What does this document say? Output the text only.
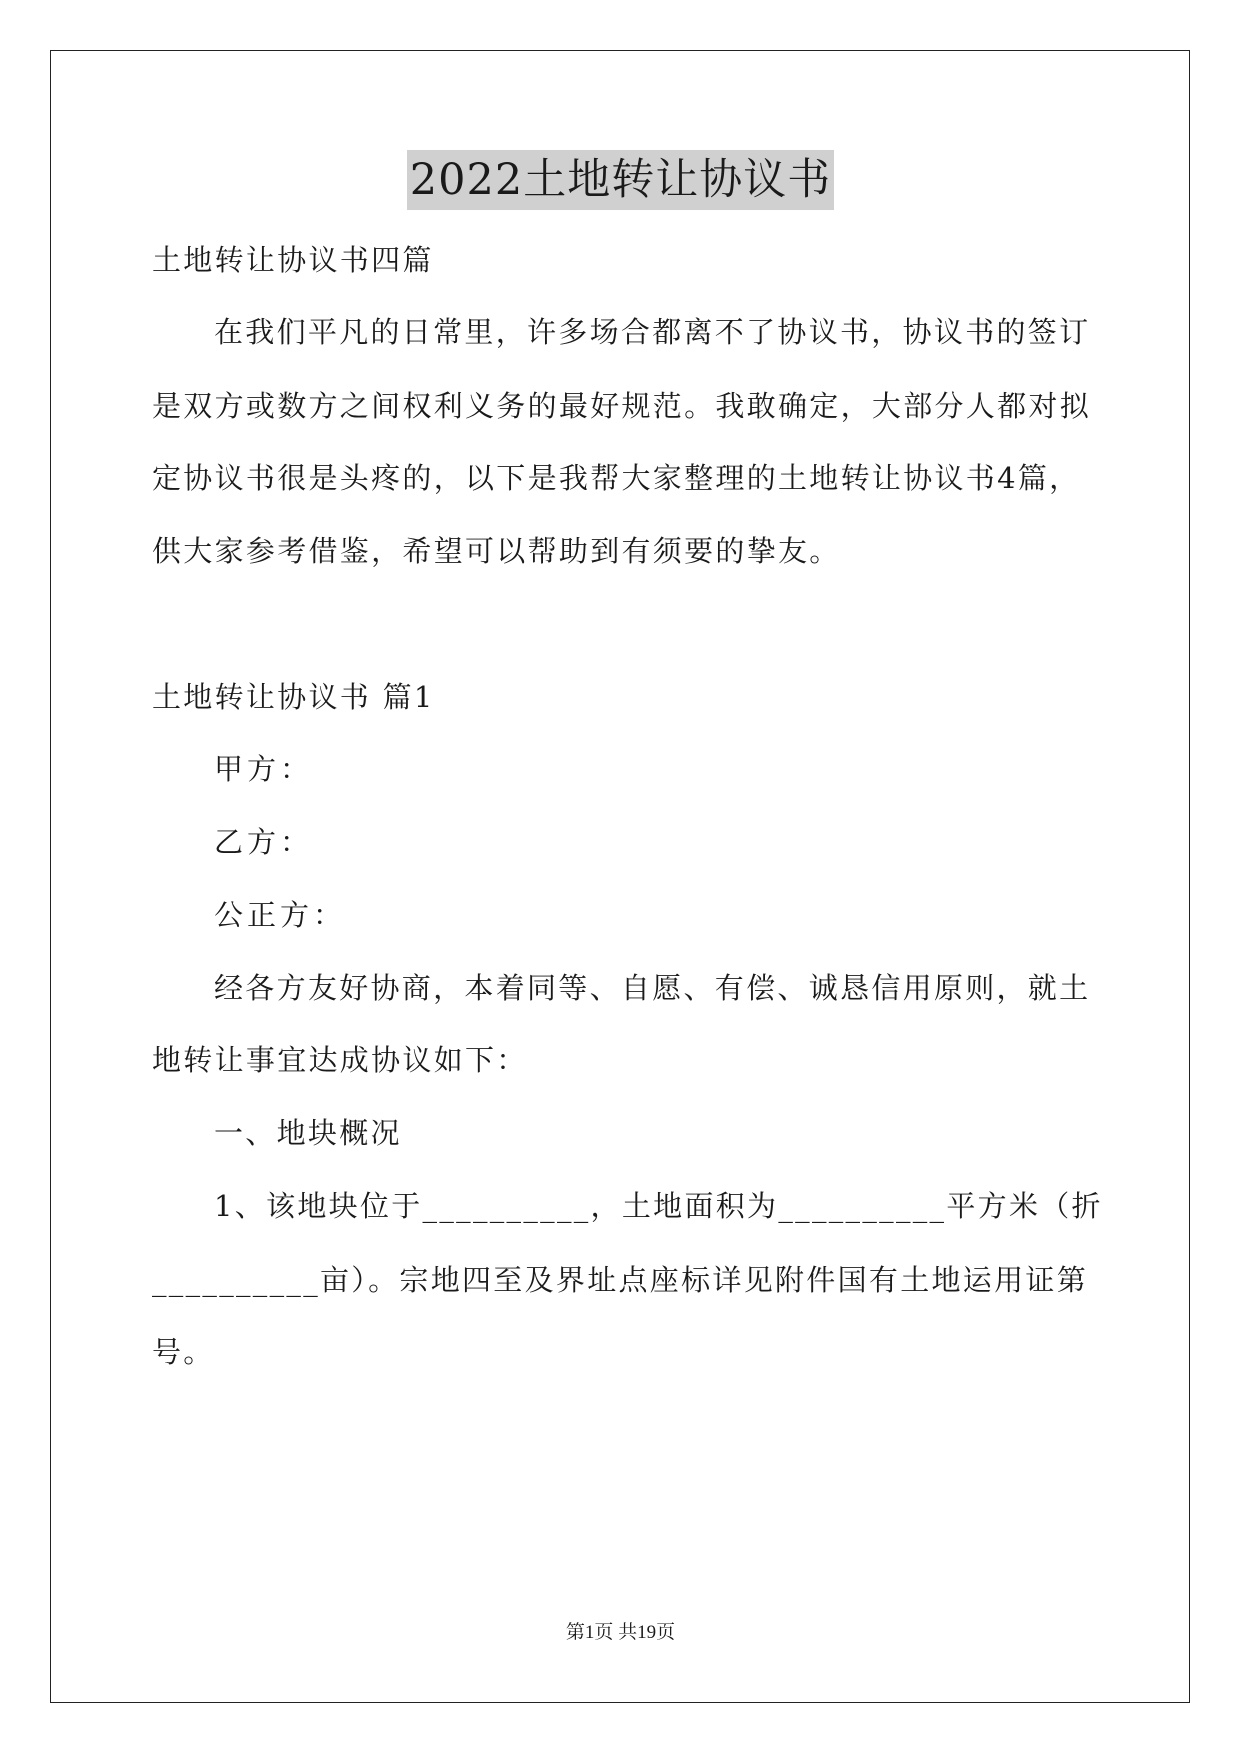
2022土地转让协议书
土地转让协议书四篇
在我们平凡的日常里，许多场合都离不了协议书，协议书的签订
是双方或数方之间权利义务的最好规范。我敢确定，大部分人都对拟
定协议书很是头疼的，以下是我帮大家整理的土地转让协议书4篇，
供大家参考借鉴，希望可以帮助到有须要的挚友。
土地转让协议书 篇1
甲方：
乙方：
公正方：
经各方友好协商，本着同等、自愿、有偿、诚恳信用原则，就土
地转让事宜达成协议如下：
一、地块概况
1、该地块位于__________，土地面积为__________平方米（折
__________亩）。宗地四至及界址点座标详见附件国有土地运用证第
号。
第1页 共19页
